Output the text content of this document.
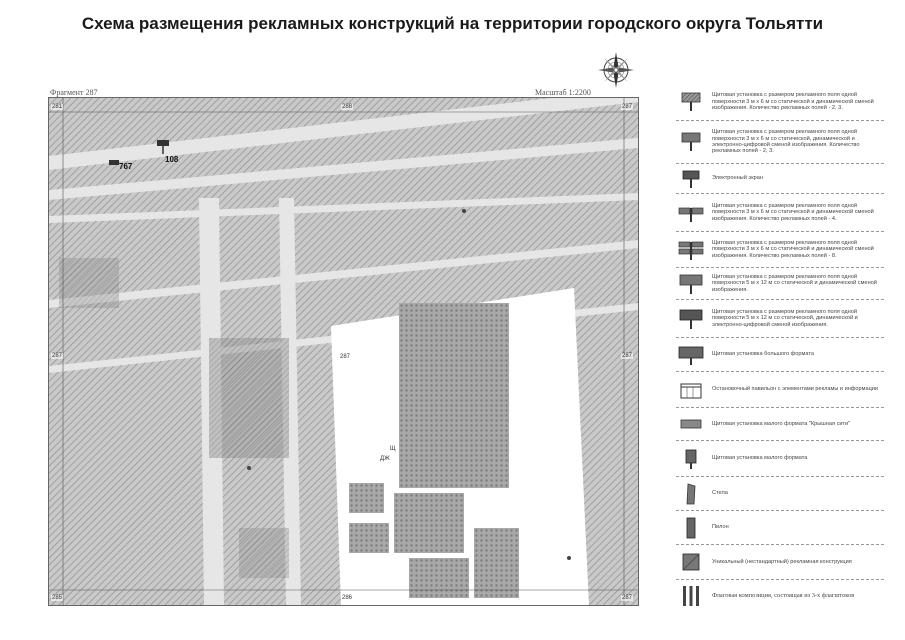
Схема размещения рекламных конструкций на территории городского округа Тольятти
Фрагмент 287	Масштаб 1:2200
281	288	287
287	287	287
285	286	287
767
108
Щ
ДЖ
Щитовая установка с размером рекламного поля одной поверхности 3 м х 6 м со статической и динамической сменой изображения. Количество рекламных полей - 2, 3.
Щитовая установка с размером рекламного поля одной поверхности 3 м х 6 м со статической, динамической и электронно-цифровой сменой изображения. Количество рекламных полей - 2, 3.
Электронный экран
Щитовая установка с размером рекламного поля одной поверхности 3 м х 6 м со статической и динамической сменой изображения. Количество рекламных полей - 4.
Щитовая установка с размером рекламного поля одной поверхности 3 м х 6 м со статической и динамической сменой изображения. Количество рекламных полей - 8.
Щитовая установка с размером рекламного поля одной поверхности 5 м х 12 м со статической и динамической сменой изображения.
Щитовая установка с размером рекламного поля одной поверхности 5 м х 12 м со статической, динамической и электронно-цифровой сменой изображения.
Щитовая установка большого формата
Остановочный павильон с элементами рекламы и информации
Щитовая установка малого формата "Крышная сити"
Щитовая установка малого формата
Стела
Пилон
Уникальный (нестандартный) рекламная конструкция
Флаговая композиция, состоящая из 3-х флагштоков
